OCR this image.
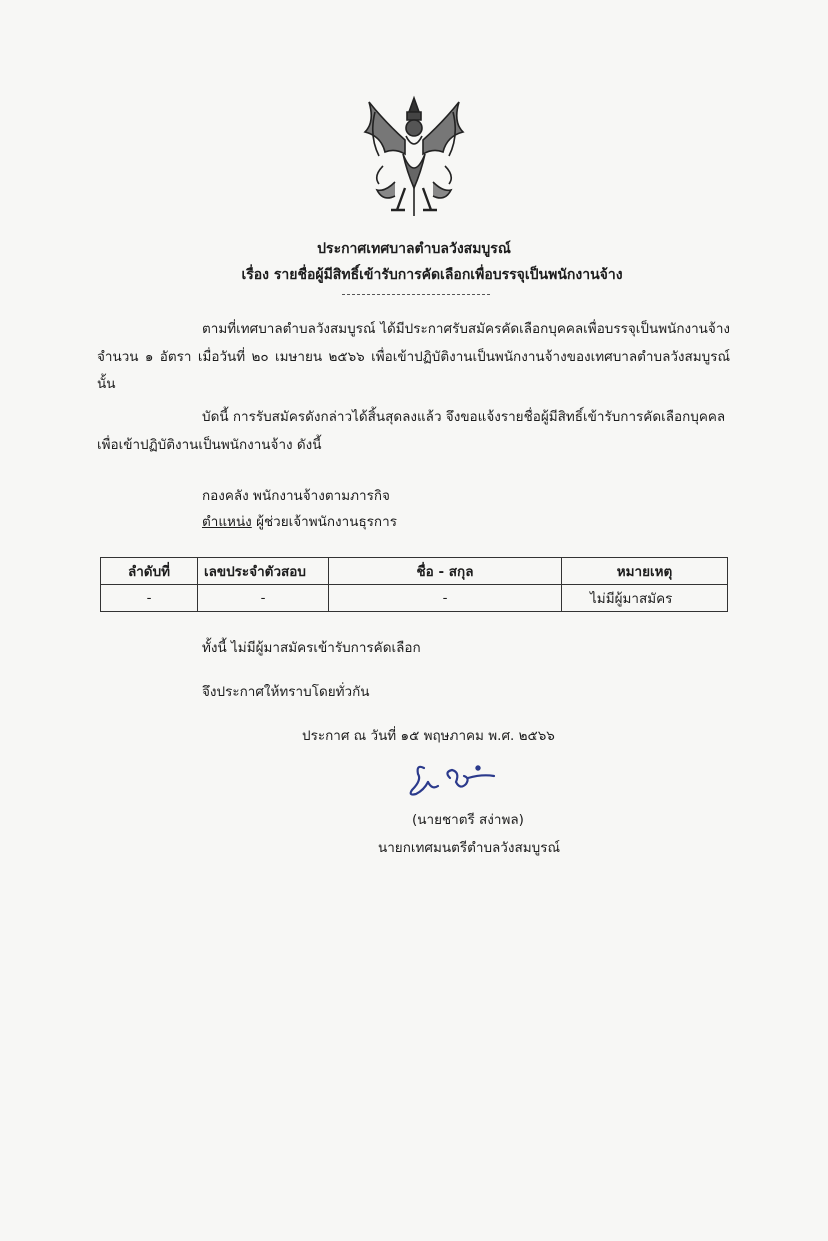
ประกาศเทศบาลตำบลวังสมบูรณ์
เรื่อง รายชื่อผู้มีสิทธิ์เข้ารับการคัดเลือกเพื่อบรรจุเป็นพนักงานจ้าง
ตามที่เทศบาลตำบลวังสมบูรณ์ ได้มีประกาศรับสมัครคัดเลือกบุคคลเพื่อบรรจุเป็นพนักงานจ้าง จำนวน ๑ อัตรา เมื่อวันที่ ๒๐ เมษายน ๒๕๖๖ เพื่อเข้าปฏิบัติงานเป็นพนักงานจ้างของเทศบาลตำบลวังสมบูรณ์ นั้น
บัดนี้ การรับสมัครดังกล่าวได้สิ้นสุดลงแล้ว จึงขอแจ้งรายชื่อผู้มีสิทธิ์เข้ารับการคัดเลือกบุคคลเพื่อเข้าปฏิบัติงานเป็นพนักงานจ้าง ดังนี้
กองคลัง พนักงานจ้างตามภารกิจ
ตำแหน่ง ผู้ช่วยเจ้าพนักงานธุรการ
ลำดับที่	เลขประจำตัวสอบ	ชื่อ - สกุล	หมายเหตุ
-	-	-	ไม่มีผู้มาสมัคร
ทั้งนี้ ไม่มีผู้มาสมัครเข้ารับการคัดเลือก
จึงประกาศให้ทราบโดยทั่วกัน
ประกาศ ณ วันที่ ๑๕ พฤษภาคม พ.ศ. ๒๕๖๖
(นายชาตรี สง่าพล)
นายกเทศมนตรีตำบลวังสมบูรณ์
